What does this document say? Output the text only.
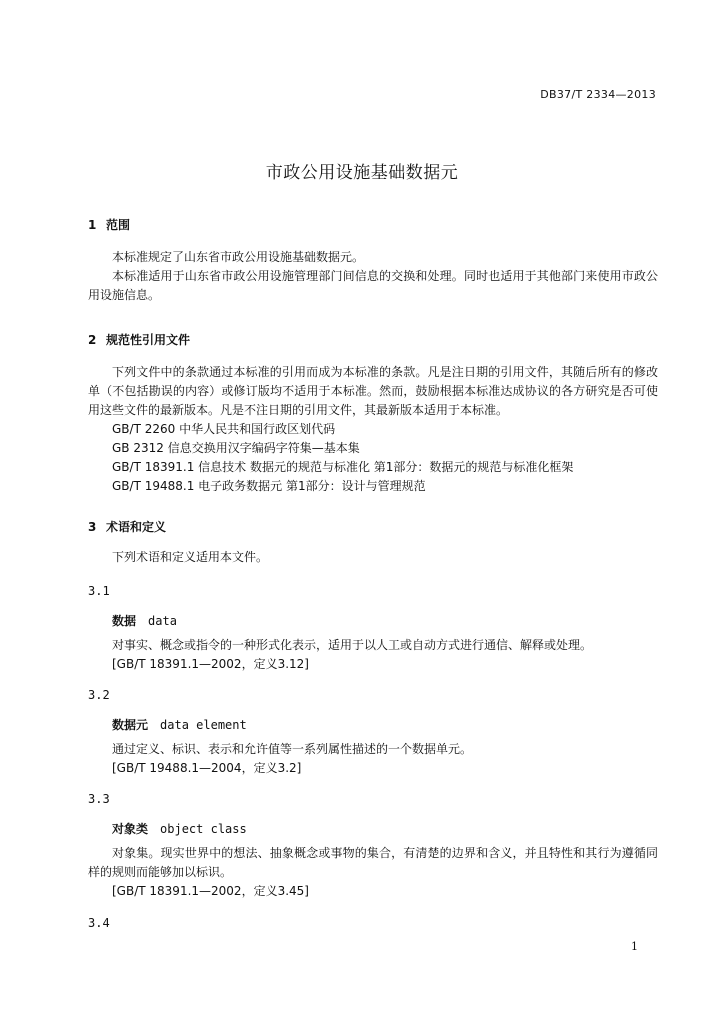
DB37/T 2334—2013
市政公用设施基础数据元
1 范围
本标准规定了山东省市政公用设施基础数据元。
本标准适用于山东省市政公用设施管理部门间信息的交换和处理。同时也适用于其他部门来使用市政公用设施信息。
2 规范性引用文件
下列文件中的条款通过本标准的引用而成为本标准的条款。凡是注日期的引用文件，其随后所有的修改单（不包括勘误的内容）或修订版均不适用于本标准。然而，鼓励根据本标准达成协议的各方研究是否可使用这些文件的最新版本。凡是不注日期的引用文件，其最新版本适用于本标准。
GB/T 2260 中华人民共和国行政区划代码
GB 2312 信息交换用汉字编码字符集—基本集
GB/T 18391.1 信息技术 数据元的规范与标准化 第1部分：数据元的规范与标准化框架
GB/T 19488.1 电子政务数据元 第1部分：设计与管理规范
3 术语和定义
下列术语和定义适用本文件。
3.1
数据 data
对事实、概念或指令的一种形式化表示，适用于以人工或自动方式进行通信、解释或处理。
[GB/T 18391.1—2002，定义3.12]
3.2
数据元 data element
通过定义、标识、表示和允许值等一系列属性描述的一个数据单元。
[GB/T 19488.1—2004，定义3.2]
3.3
对象类 object class
对象集。现实世界中的想法、抽象概念或事物的集合，有清楚的边界和含义，并且特性和其行为遵循同样的规则而能够加以标识。
[GB/T 18391.1—2002，定义3.45]
3.4
1
